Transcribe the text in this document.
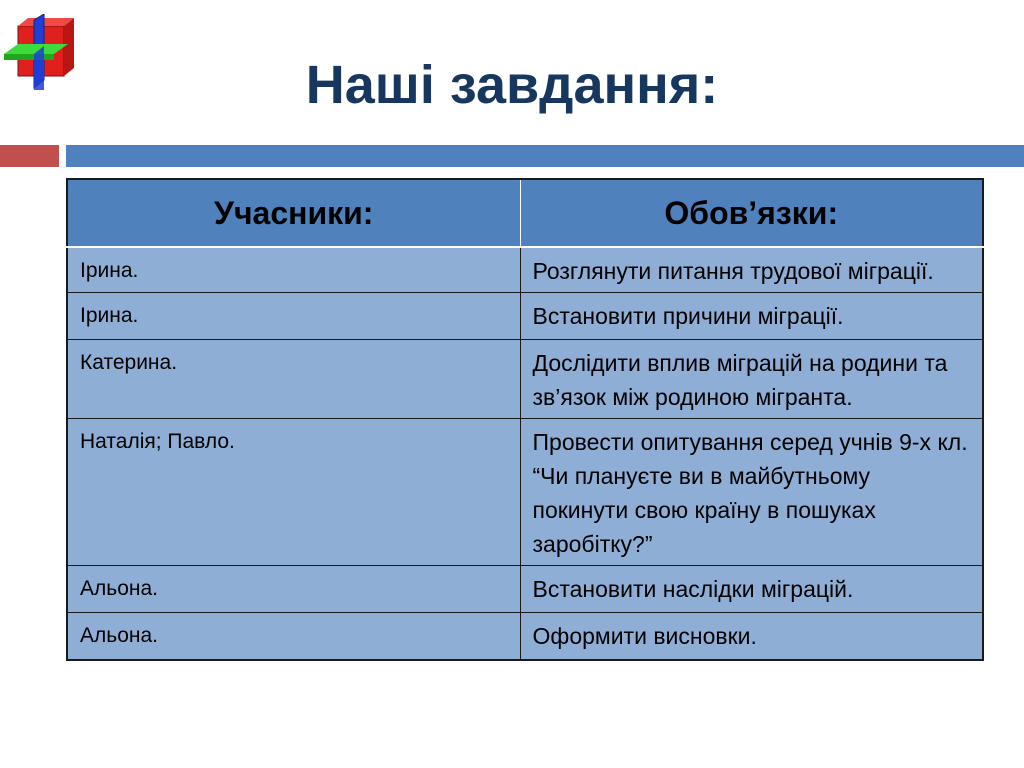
Наші завдання:
Учасники:	Обов’язки:
Ірина.	Розглянути питання трудової міграції.
Ірина.	Встановити причини міграції.
Катерина.	Дослідити вплив міграцій на родини та зв’язок між родиною мігранта.
Наталія; Павло.	Провести опитування серед учнів 9-х кл. “Чи плануєте ви в майбутньому покинути свою країну в пошуках заробітку?”
Альона.	Встановити наслідки міграцій.
Альона.	Оформити висновки.
